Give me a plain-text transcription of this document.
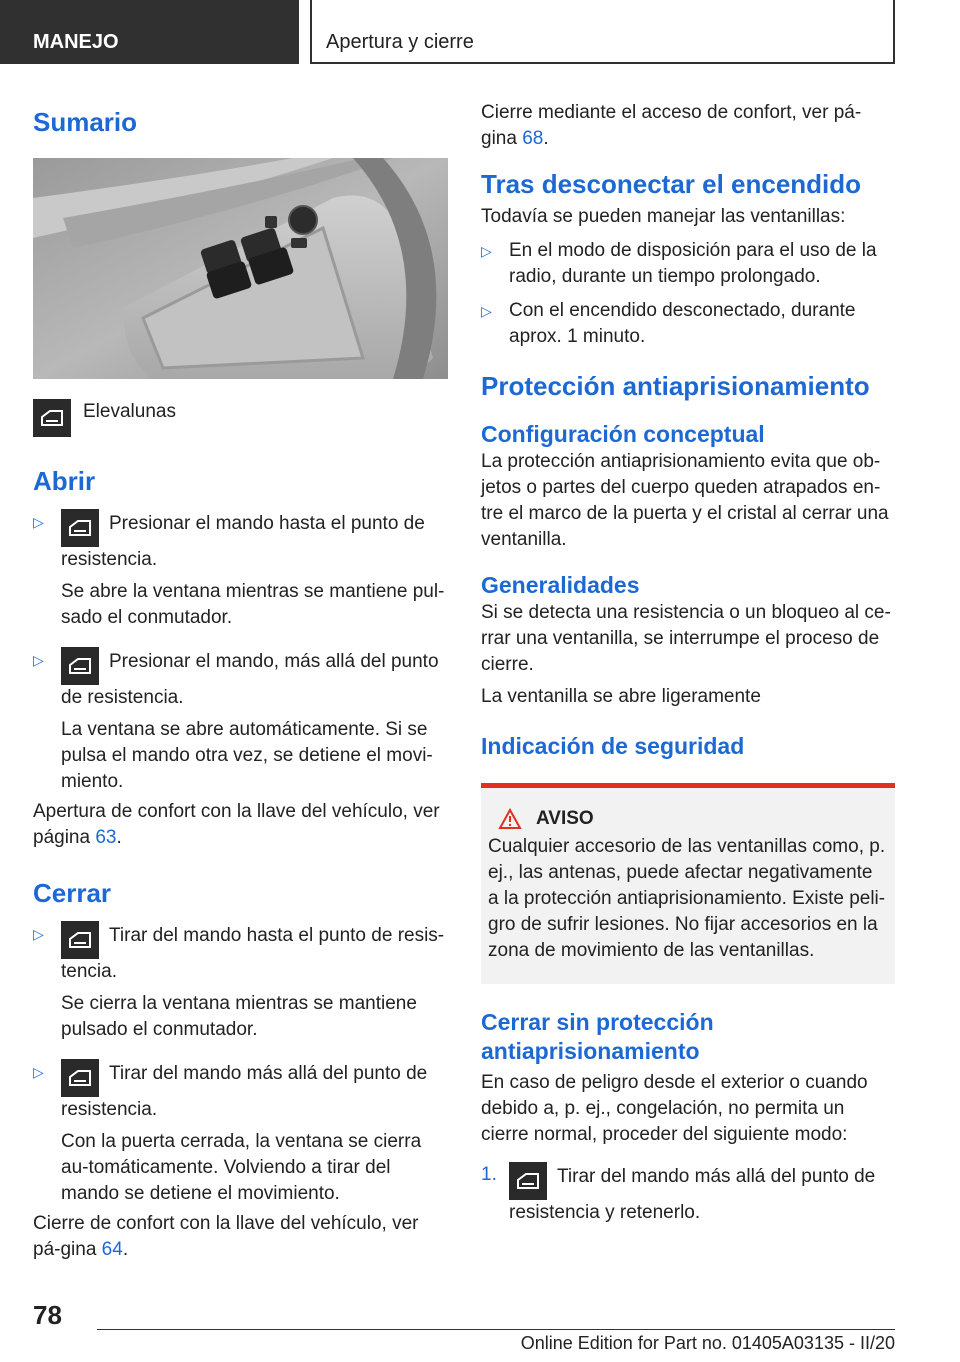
MANEJO	Apertura y cierre
Sumario

Elevalunas

Abrir
▷	Presionar el mando hasta el punto de resistencia.

Se abre la ventana mientras se mantiene pul-sado el conmutador.

▷	Presionar el mando, más allá del punto de resistencia.

La ventana se abre automáticamente. Si se pulsa el mando otra vez, se detiene el movi-miento.

Apertura de confort con la llave del vehículo, ver página 63.

Cerrar
▷	Tirar del mando hasta el punto de resis-tencia.

Se cierra la ventana mientras se mantiene pulsado el conmutador.

▷	Tirar del mando más allá del punto de resistencia.

Con la puerta cerrada, la ventana se cierra au-tomáticamente. Volviendo a tirar del mando se detiene el movimiento.

Cierre de confort con la llave del vehículo, ver pá-gina 64.

Cierre mediante el acceso de confort, ver pá-gina 68.

Tras desconectar el encendido

Todavía se pueden manejar las ventanillas:

▷ En el modo de disposición para el uso de la radio, durante un tiempo prolongado.

▷ Con el encendido desconectado, durante aprox. 1 minuto.

Protección antiaprisionamiento
Configuración conceptual

La protección antiaprisionamiento evita que ob-jetos o partes del cuerpo queden atrapados en-tre el marco de la puerta y el cristal al cerrar una ventanilla.

Generalidades

Si se detecta una resistencia o un bloqueo al ce-rrar una ventanilla, se interrumpe el proceso de cierre.

La ventanilla se abre ligeramente

Indicación de seguridad
AVISO

Cualquier accesorio de las ventanillas como, p. ej., las antenas, puede afectar negativamente a la protección antiaprisionamiento. Existe peli-gro de sufrir lesiones. No fijar accesorios en la zona de movimiento de las ventanillas.

Cerrar sin protección antiaprisionamiento

En caso de peligro desde el exterior o cuando debido a, p. ej., congelación, no permita un cierre normal, proceder del siguiente modo:

1.	Tirar del mando más allá del punto de resistencia y retenerlo.

78
Online Edition for Part no. 01405A03135 - II/20
